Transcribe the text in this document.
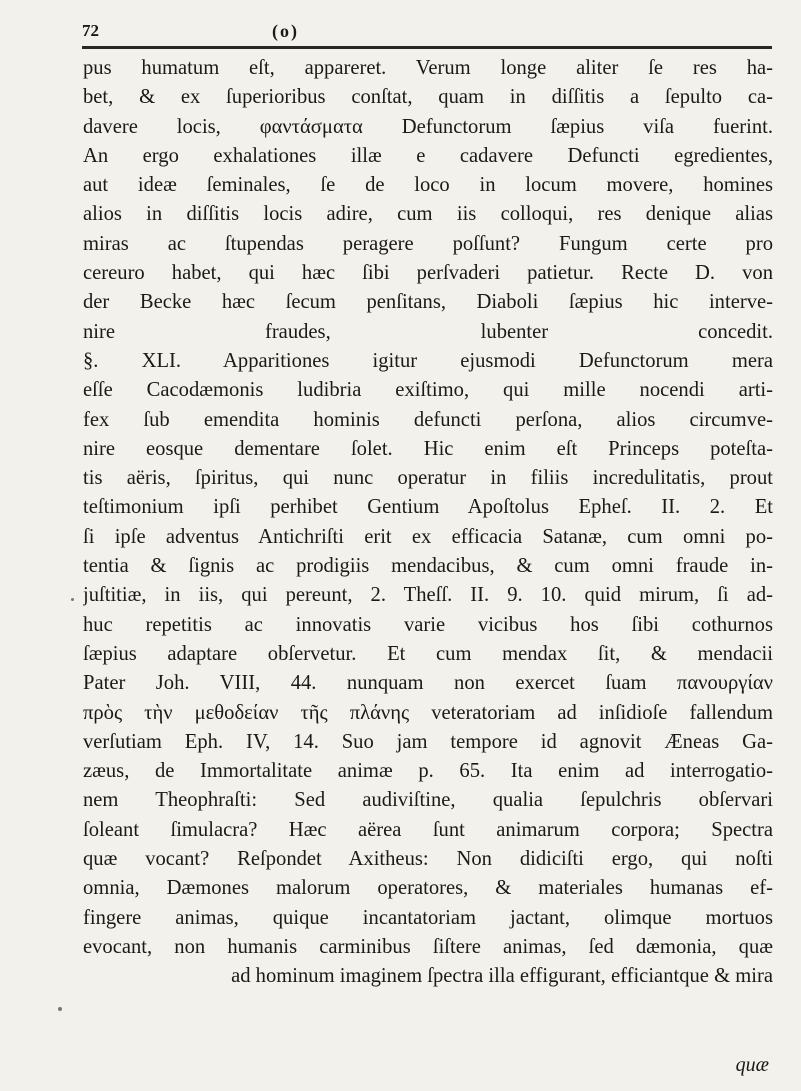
72	(o)
pus humatum eſt, appareret. Verum longe aliter ſe res ha-
bet, & ex ſuperioribus conſtat, quam in diſſitis a ſepulto ca-
davere locis, φαντάσματα Defunctorum ſæpius viſa fuerint.
An ergo exhalationes illæ e cadavere Defuncti egredientes,
aut ideæ ſeminales, ſe de loco in locum movere, homines
alios in diſſitis locis adire, cum iis colloqui, res denique alias
miras ac ſtupendas peragere poſſunt? Fungum certe pro
cereuro habet, qui hæc ſibi perſvaderi patietur. Recte D. von
der Becke hæc ſecum penſitans, Diaboli ſæpius hic interve-
nire fraudes, lubenter concedit.
§. XLI. Apparitiones igitur ejusmodi Defunctorum mera
eſſe Cacodæmonis ludibria exiſtimo, qui mille nocendi arti-
fex ſub emendita hominis defuncti perſona, alios circumve-
nire eosque dementare ſolet. Hic enim eſt Princeps poteſta-
tis aëris, ſpiritus, qui nunc operatur in filiis incredulitatis, prout
teſtimonium ipſi perhibet Gentium Apoſtolus Epheſ. II. 2. Et
ſi ipſe adventus Antichriſti erit ex efficacia Satanæ, cum omni po-
tentia & ſignis ac prodigiis mendacibus, & cum omni fraude in-
juſtitiæ, in iis, qui pereunt, 2. Theſſ. II. 9. 10. quid mirum, ſi ad-
huc repetitis ac innovatis varie vicibus hos ſibi cothurnos
ſæpius adaptare obſervetur. Et cum mendax ſit, & mendacii
Pater Joh. VIII, 44. nunquam non exercet ſuam πανουργίαν
πρὸς τὴν μεθοδείαν τῆς πλάνης veteratoriam ad inſidioſe fallendum
verſutiam Eph. IV, 14. Suo jam tempore id agnovit Æneas Ga-
zæus, de Immortalitate animæ p. 65. Ita enim ad interrogatio-
nem Theophraſti: Sed audiviſtine, qualia ſepulchris obſervari
ſoleant ſimulacra? Hæc aërea ſunt animarum corpora; Spectra
quæ vocant? Reſpondet Axitheus: Non didiciſti ergo, qui noſti
omnia, Dæmones malorum operatores, & materiales humanas ef-
fingere animas, quique incantatoriam jactant, olimque mortuos
evocant, non humanis carminibus ſiſtere animas, ſed dæmonia, quæ
ad hominum imaginem ſpectra illa effigurant, efficiantque & mira
quæ
